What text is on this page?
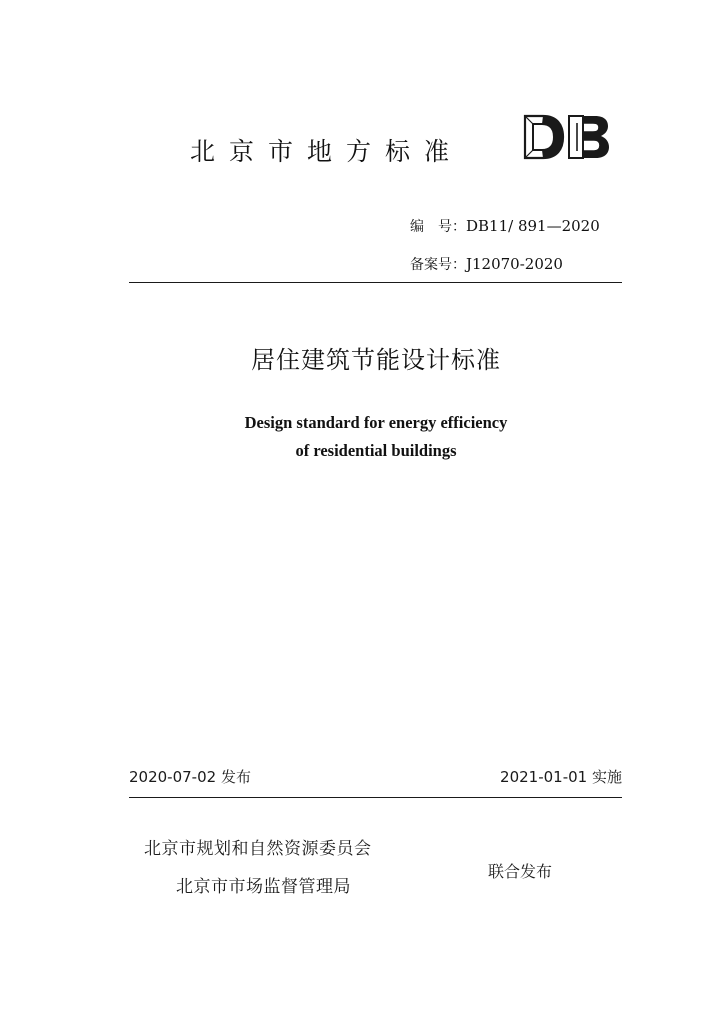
北京市地方标准
编　号：DB11/ 891—2020
备案号：J12070-2020
居住建筑节能设计标准
Design standard for energy efficiency
of residential buildings
2020-07-02 发布	2021-01-01 实施
北京市规划和自然资源委员会
北京市市场监督管理局
联合发布
